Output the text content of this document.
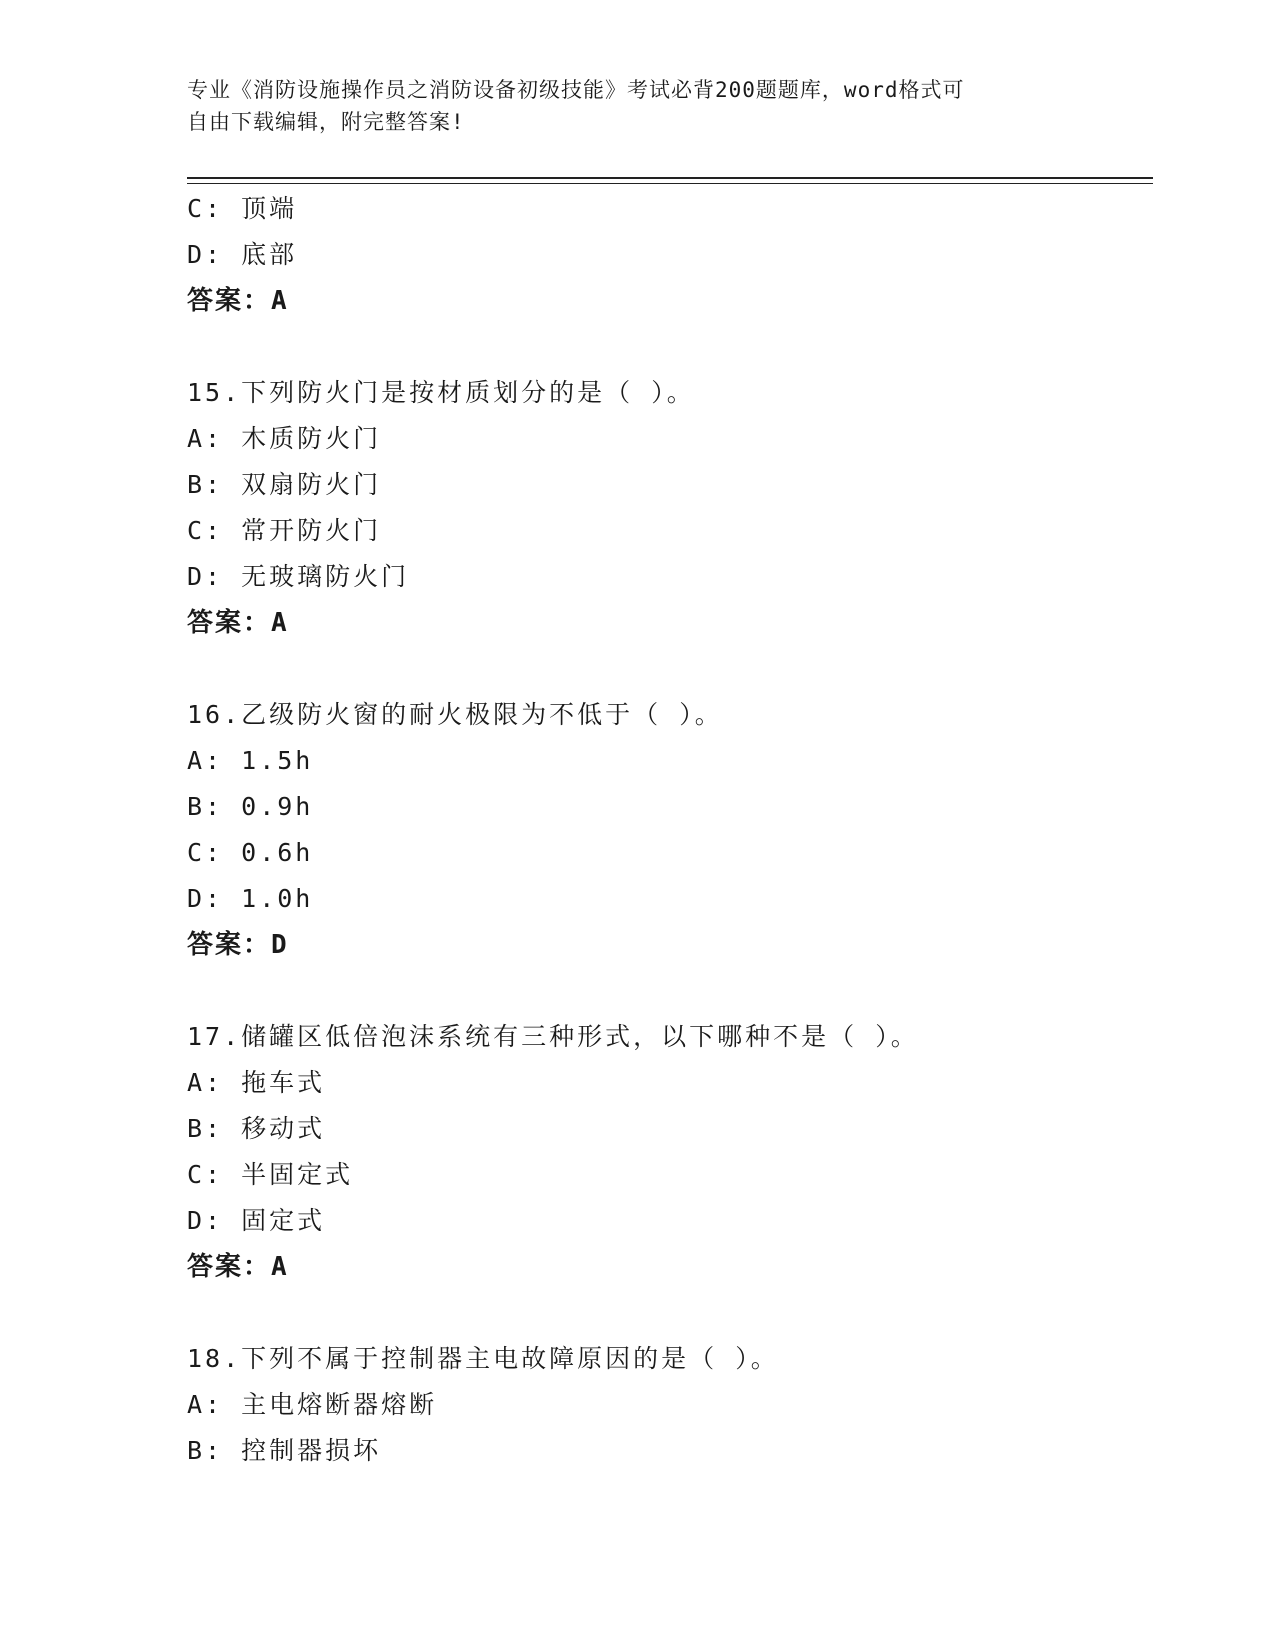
专业《消防设施操作员之消防设备初级技能》考试必背200题题库，word格式可
自由下载编辑，附完整答案!
C: 顶端
D: 底部
答案：A
15.下列防火门是按材质划分的是（ ）。
A: 木质防火门
B: 双扇防火门
C: 常开防火门
D: 无玻璃防火门
答案：A
16.乙级防火窗的耐火极限为不低于（ ）。
A: 1.5h
B: 0.9h
C: 0.6h
D: 1.0h
答案：D
17.储罐区低倍泡沫系统有三种形式，以下哪种不是（ ）。
A: 拖车式
B: 移动式
C: 半固定式
D: 固定式
答案：A
18.下列不属于控制器主电故障原因的是（ ）。
A: 主电熔断器熔断
B: 控制器损坏
